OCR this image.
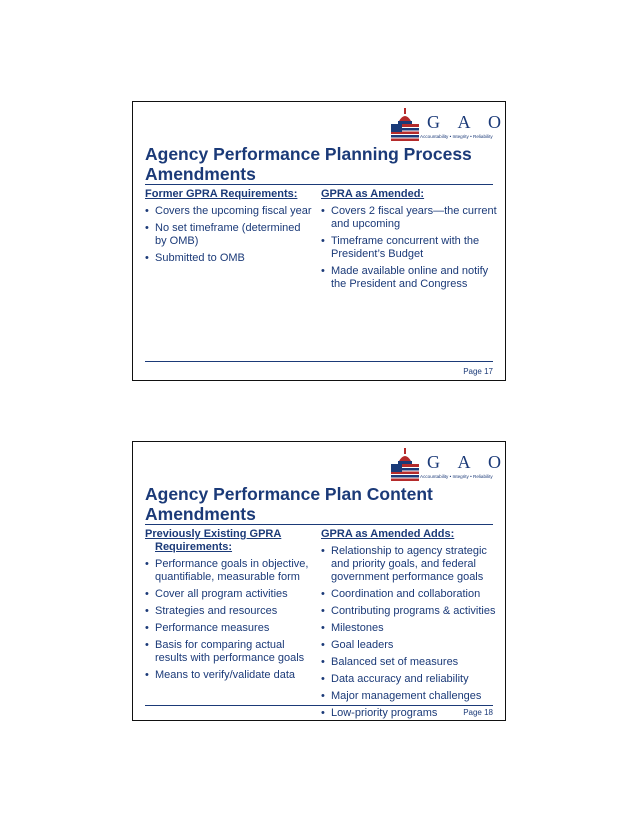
G A O
Accountability • Integrity • Reliability
Agency Performance Planning Process Amendments
Former GPRA Requirements:
• Covers the upcoming fiscal year
• No set timeframe (determined by OMB)
• Submitted to OMB
GPRA as Amended:
• Covers 2 fiscal years—the current and upcoming
• Timeframe concurrent with the President’s Budget
• Made available online and notify the President and Congress
Page 17
G A O
Accountability • Integrity • Reliability
Agency Performance Plan Content Amendments
Previously Existing GPRA Requirements:
• Performance goals in objective, quantifiable, measurable form
• Cover all program activities
• Strategies and resources
• Performance measures
• Basis for comparing actual results with performance goals
• Means to verify/validate data
GPRA as Amended Adds:
• Relationship to agency strategic and priority goals, and federal government performance goals
• Coordination and collaboration
• Contributing programs & activities
• Milestones
• Goal leaders
• Balanced set of measures
• Data accuracy and reliability
• Major management challenges
• Low-priority programs	Page 18
